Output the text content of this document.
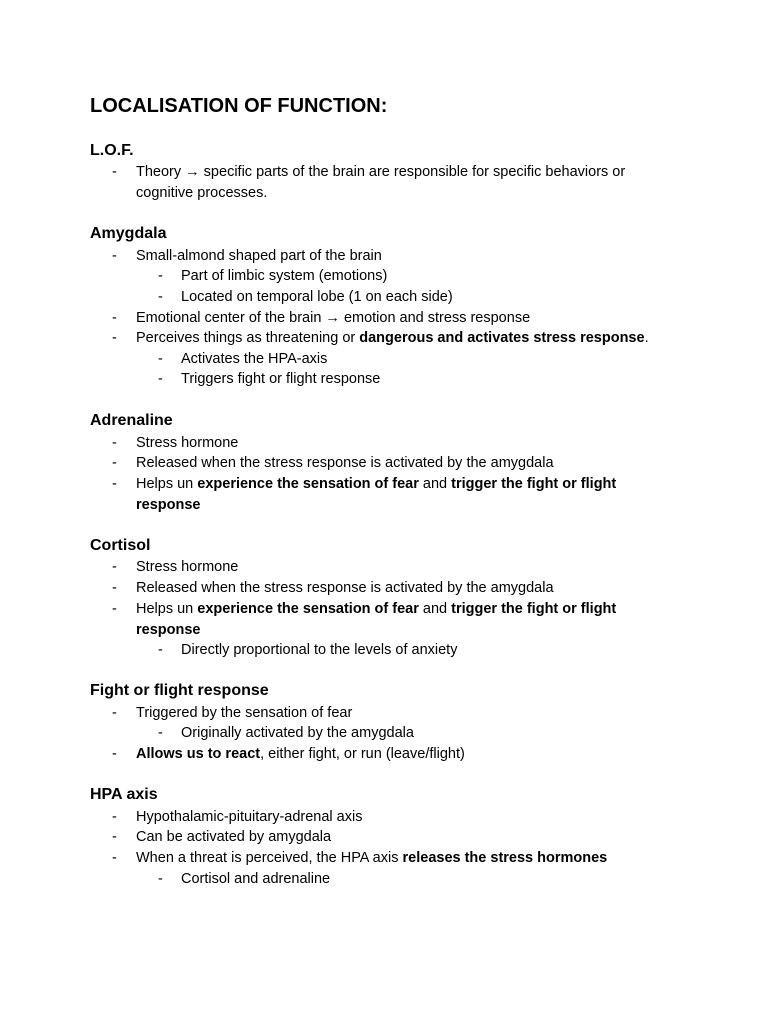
LOCALISATION OF FUNCTION:
L.O.F.
- Theory → specific parts of the brain are responsible for specific behaviors or
cognitive processes.
Amygdala
- Small-almond shaped part of the brain
- Part of limbic system (emotions)
- Located on temporal lobe (1 on each side)
- Emotional center of the brain → emotion and stress response
- Perceives things as threatening or dangerous and activates stress response.
- Activates the HPA-axis
- Triggers fight or flight response
Adrenaline
- Stress hormone
- Released when the stress response is activated by the amygdala
- Helps un experience the sensation of fear and trigger the fight or flight
response
Cortisol
- Stress hormone
- Released when the stress response is activated by the amygdala
- Helps un experience the sensation of fear and trigger the fight or flight
response
- Directly proportional to the levels of anxiety
Fight or flight response
- Triggered by the sensation of fear
- Originally activated by the amygdala
- Allows us to react, either fight, or run (leave/flight)
HPA axis
- Hypothalamic-pituitary-adrenal axis
- Can be activated by amygdala
- When a threat is perceived, the HPA axis releases the stress hormones
- Cortisol and adrenaline
